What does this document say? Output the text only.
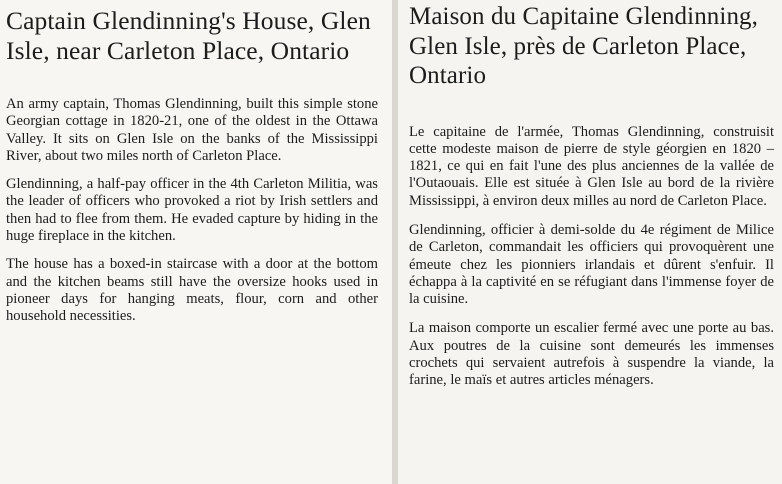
Captain Glendinning's House, Glen Isle, near Carleton Place, Ontario

An army captain, Thomas Glendinning, built this simple stone Georgian cottage in 1820-21, one of the oldest in the Ottawa Valley. It sits on Glen Isle on the banks of the Mississippi River, about two miles north of Carleton Place.

Glendinning, a half-pay officer in the 4th Carleton Militia, was the leader of officers who provoked a riot by Irish settlers and then had to flee from them. He evaded capture by hiding in the huge fireplace in the kitchen.

The house has a boxed-in staircase with a door at the bottom and the kitchen beams still have the oversize hooks used in pioneer days for hanging meats, flour, corn and other household necessities.

Maison du Capitaine Glendinning, Glen Isle, près de Carleton Place, Ontario

Le capitaine de l'armée, Thomas Glendinning, construisit cette modeste maison de pierre de style géorgien en 1820 – 1821, ce qui en fait l'une des plus anciennes de la vallée de l'Outaouais. Elle est située à Glen Isle au bord de la rivière Mississippi, à environ deux milles au nord de Carleton Place.

Glendinning, officier à demi-solde du 4e régiment de Milice de Carleton, commandait les officiers qui provoquèrent une émeute chez les pionniers irlandais et dûrent s'enfuir. Il échappa à la captivité en se réfugiant dans l'immense foyer de la cuisine.

La maison comporte un escalier fermé avec une porte au bas. Aux poutres de la cuisine sont demeurés les immenses crochets qui servaient autrefois à suspendre la viande, la farine, le maïs et autres articles ménagers.
